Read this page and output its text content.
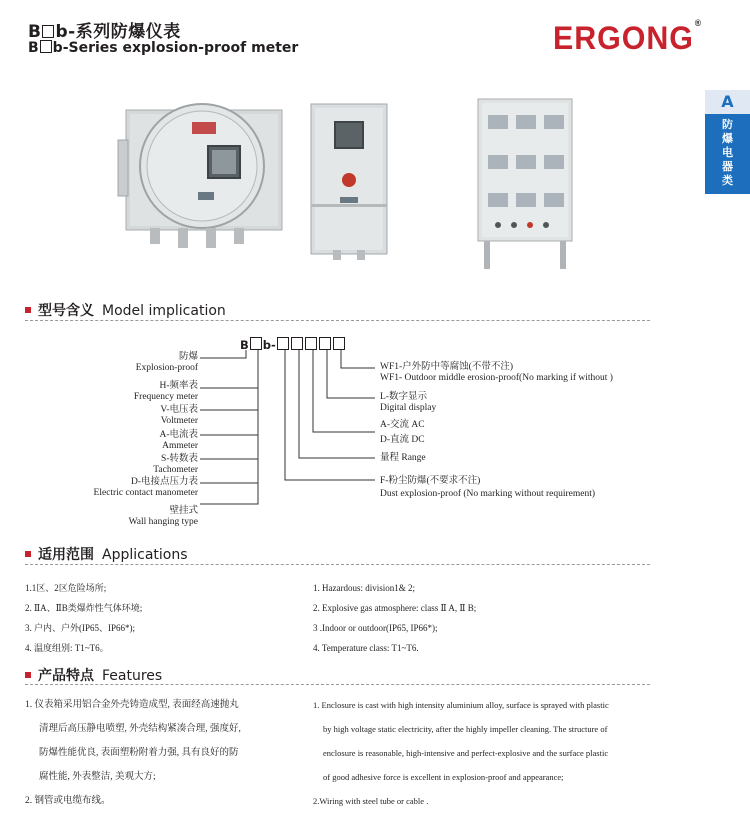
B b-系列防爆仪表
B b-Series explosion-proof meter	ERGONG®
A
防
爆
电
器
类
型号含义 Model implication
B b-
防爆
Explosion-proof
H-频率表
Frequency meter
V-电压表
Voltmeter
A-电流表
Ammeter
S-转数表
Tachometer
D-电接点压力表
Electric contact manometer
壁挂式
Wall hanging type
WF1-户外防中等腐蚀(不带不注)
WF1- Outdoor middle erosion-proof(No marking if without )
L-数字显示
Digital display
A-交流 AC
D-直流 DC
量程 Range
F-粉尘防爆(不要求不注)
Dust explosion-proof (No marking without requirement)
适用范围 Applications
1.1区、2区危险场所;
2. ⅡA、ⅡB类爆炸性气体环境;
3. 户内、户外(IP65、IP66*);
4. 温度组别: T1~T6。
1. Hazardous: division1& 2;
2. Explosive gas atmosphere: class Ⅱ A, Ⅱ B;
3 .Indoor or outdoor(IP65, IP66*);
4. Temperature class: T1~T6.
产品特点 Features
1. 仪表箱采用铝合金外壳铸造成型, 表面经高速抛丸
清理后高压静电喷塑, 外壳结构紧凑合理, 强度好,
防爆性能优良, 表面塑粉附着力强, 具有良好的防
腐性能, 外表整洁, 美观大方;
2. 钢管或电缆布线。
1. Enclosure is cast with high intensity aluminium alloy, surface is sprayed with plastic
by high voltage static electricity, after the highly impeller cleaning. The structure of
enclosure is reasonable, high-intensive and perfect-explosive and the surface plastic
of good adhesive force is excellent in explosion-proof and appearance;
2.Wiring with steel tube or cable .
